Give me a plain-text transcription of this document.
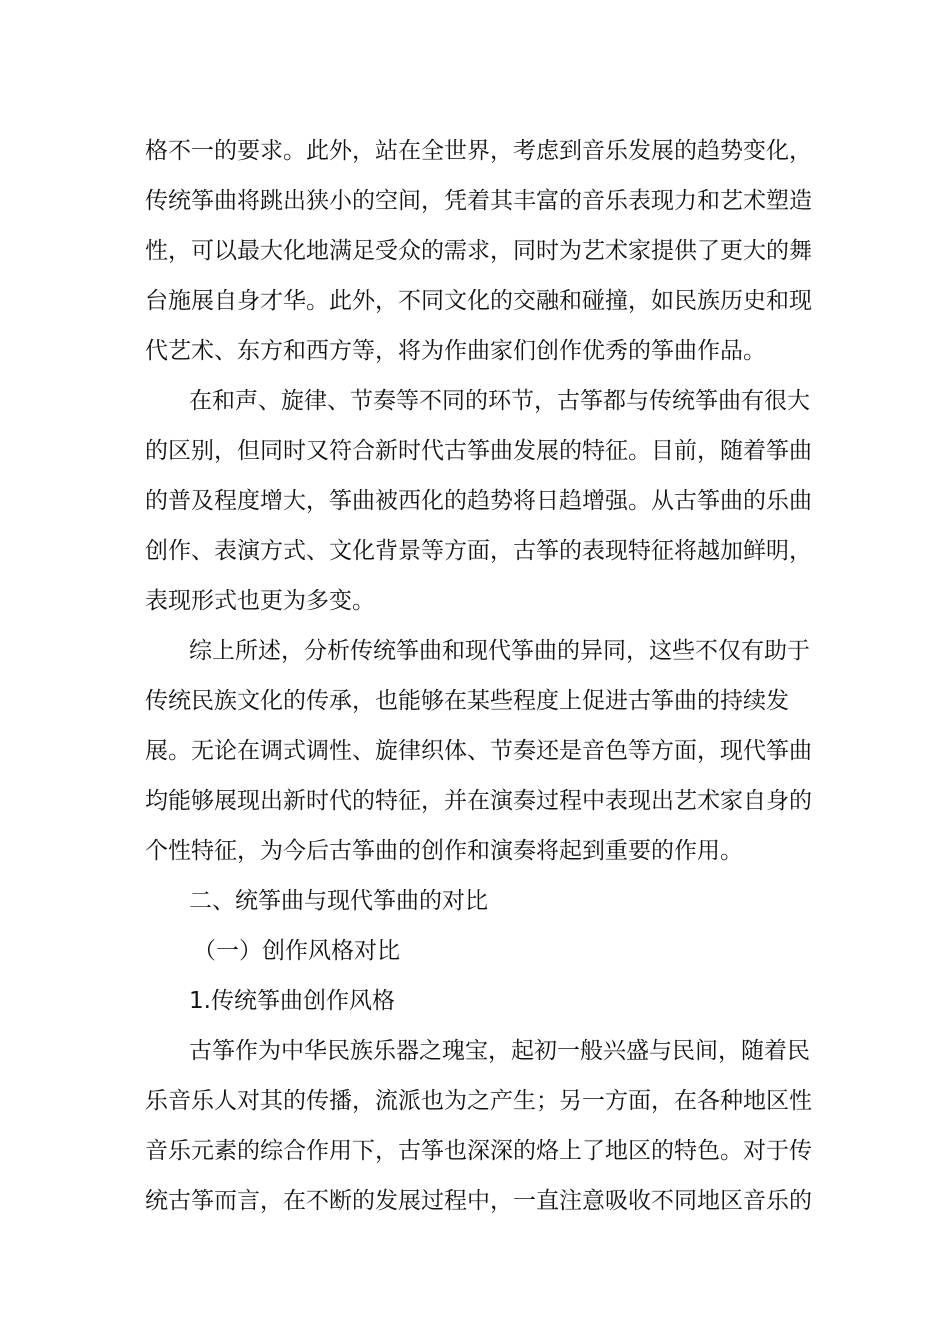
格不一的要求。此外，站在全世界，考虑到音乐发展的趋势变化，
传统筝曲将跳出狭小的空间，凭着其丰富的音乐表现力和艺术塑造
性，可以最大化地满足受众的需求，同时为艺术家提供了更大的舞
台施展自身才华。此外，不同文化的交融和碰撞，如民族历史和现
代艺术、东方和西方等，将为作曲家们创作优秀的筝曲作品。
在和声、旋律、节奏等不同的环节，古筝都与传统筝曲有很大
的区别，但同时又符合新时代古筝曲发展的特征。目前，随着筝曲
的普及程度增大，筝曲被西化的趋势将日趋增强。从古筝曲的乐曲
创作、表演方式、文化背景等方面，古筝的表现特征将越加鲜明，
表现形式也更为多变。
综上所述，分析传统筝曲和现代筝曲的异同，这些不仅有助于
传统民族文化的传承，也能够在某些程度上促进古筝曲的持续发
展。无论在调式调性、旋律织体、节奏还是音色等方面，现代筝曲
均能够展现出新时代的特征，并在演奏过程中表现出艺术家自身的
个性特征，为今后古筝曲的创作和演奏将起到重要的作用。
二、统筝曲与现代筝曲的对比
（一）创作风格对比
1.传统筝曲创作风格
古筝作为中华民族乐器之瑰宝，起初一般兴盛与民间，随着民
乐音乐人对其的传播，流派也为之产生；另一方面，在各种地区性
音乐元素的综合作用下，古筝也深深的烙上了地区的特色。对于传
统古筝而言，在不断的发展过程中，一直注意吸收不同地区音乐的
